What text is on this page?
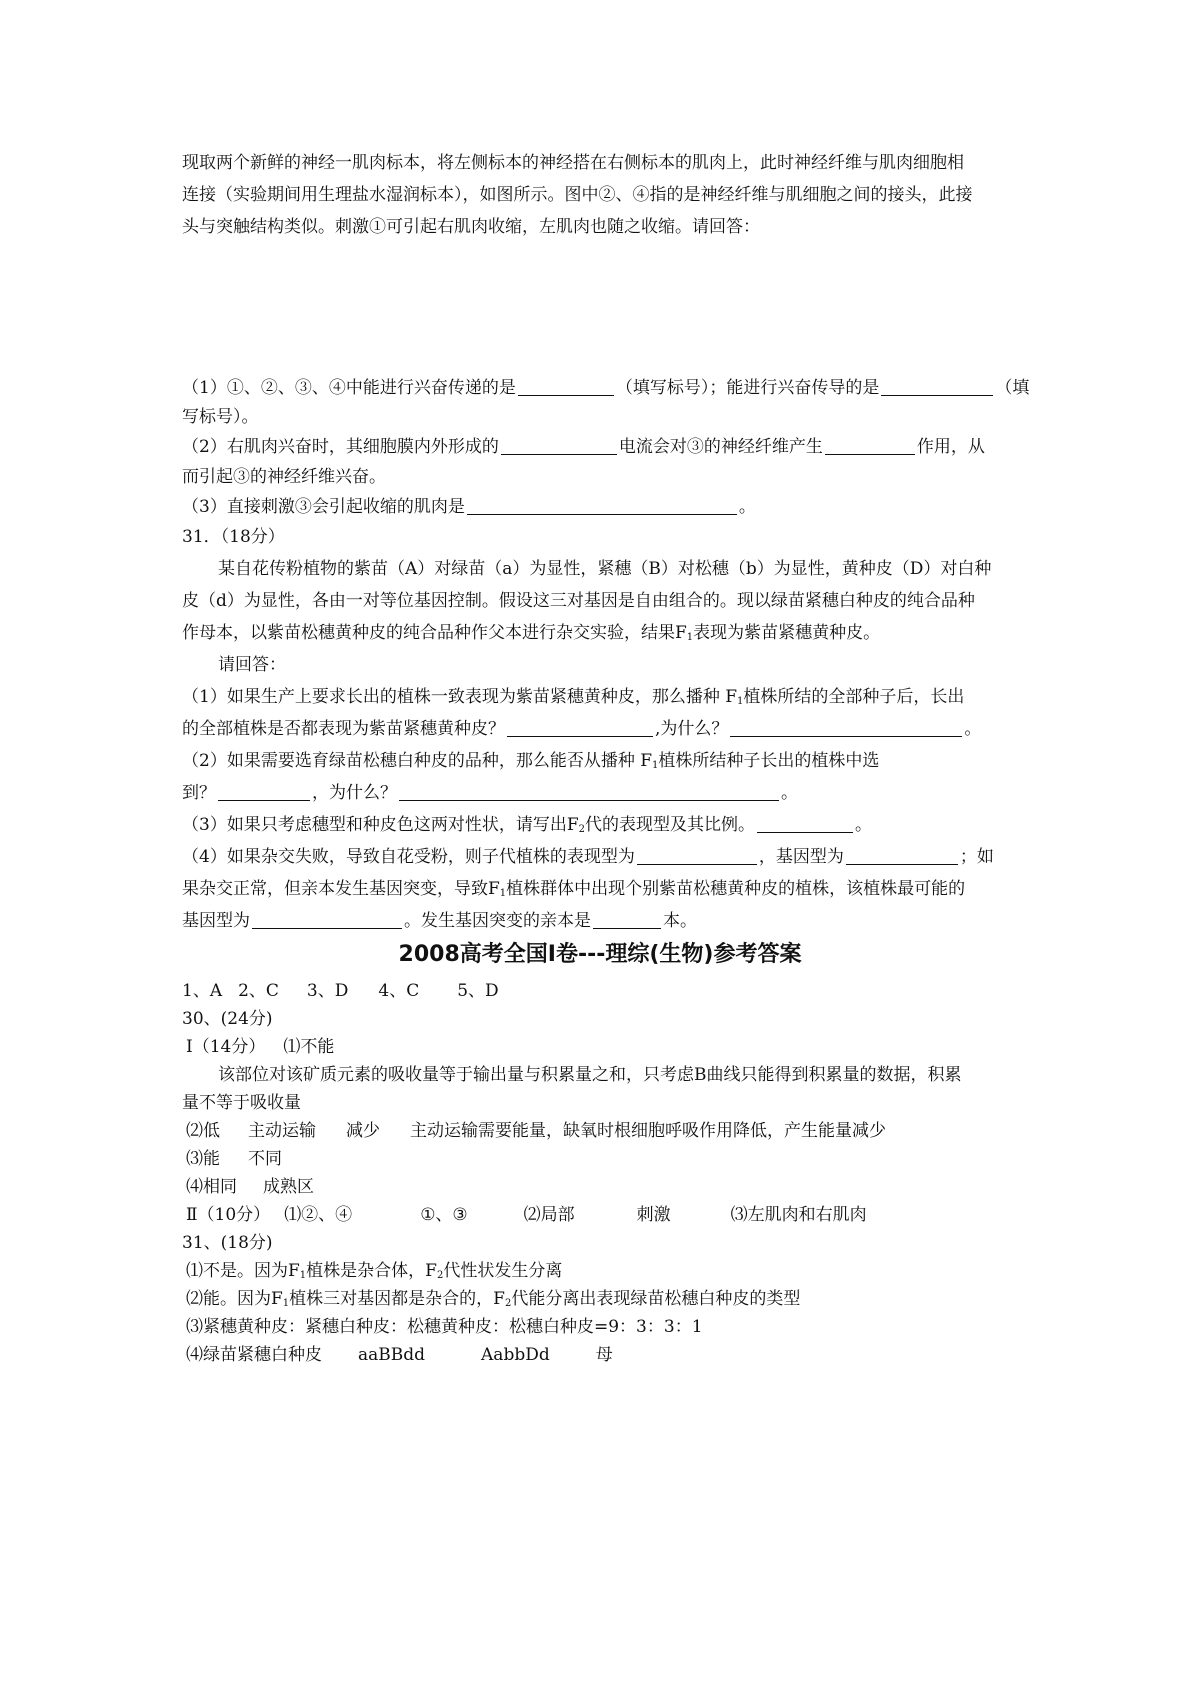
现取两个新鲜的神经一肌肉标本，将左侧标本的神经搭在右侧标本的肌肉上，此时神经纤维与肌肉细胞相
连接（实验期间用生理盐水湿润标本），如图所示。图中②、④指的是神经纤维与肌细胞之间的接头，此接
头与突触结构类似。刺激①可引起右肌肉收缩，左肌肉也随之收缩。请回答：
（1）①、②、③、④中能进行兴奋传递的是	（填写标号）；能进行兴奋传导的是	（填
写标号）。
（2）右肌肉兴奋时，其细胞膜内外形成的	电流会对③的神经纤维产生	作用，从
而引起③的神经纤维兴奋。
（3）直接刺激③会引起收缩的肌肉是	。
31．（18分）
某自花传粉植物的紫苗（A）对绿苗（a）为显性，紧穗（B）对松穗（b）为显性，黄种皮（D）对白种
皮（d）为显性，各由一对等位基因控制。假设这三对基因是自由组合的。现以绿苗紧穗白种皮的纯合品种
作母本，以紫苗松穗黄种皮的纯合品种作父本进行杂交实验，结果$F_1$表现为紫苗紧穗黄种皮。
请回答：
（1）如果生产上要求长出的植株一致表现为紫苗紧穗黄种皮，那么播种 $F_1$植株所结的全部种子后，长出
的全部植株是否都表现为紫苗紧穗黄种皮？	,为什么？	。
（2）如果需要选育绿苗松穗白种皮的品种，那么能否从播种 $F_1$植株所结种子长出的植株中选
到？	，为什么？	。
（3）如果只考虑穗型和种皮色这两对性状，请写出$F_2$代的表现型及其比例。	。
（4）如果杂交失败，导致自花受粉，则子代植株的表现型为	，基因型为	；如
果杂交正常，但亲本发生基因突变，导致$F_1$植株群体中出现个别紫苗松穗黄种皮的植株，该植株最可能的
基因型为	。发生基因突变的亲本是	本。
2008高考全国Ⅰ卷---理综(生物)参考答案
1、A 2、C 3、D 4、C 5、D
30、(24分)
Ⅰ（14分） ⑴不能
该部位对该矿质元素的吸收量等于输出量与积累量之和，只考虑B曲线只能得到积累量的数据，积累
量不等于吸收量
⑵低 主动运输 减少 主动运输需要能量，缺氧时根细胞呼吸作用降低，产生能量减少
⑶能 不同
⑷相同 成熟区
Ⅱ（10分） ⑴②、④	①、③	⑵局部	刺激	⑶左肌肉和右肌肉
31、(18分)
⑴不是。因为$F_1$植株是杂合体，$F_2$代性状发生分离
⑵能。因为$F_1$植株三对基因都是杂合的，$F_2$代能分离出表现绿苗松穗白种皮的类型
⑶紧穗黄种皮：紧穗白种皮：松穗黄种皮：松穗白种皮=9：3：3：1
⑷绿苗紧穗白种皮 aaBBdd	AabbDd	母
